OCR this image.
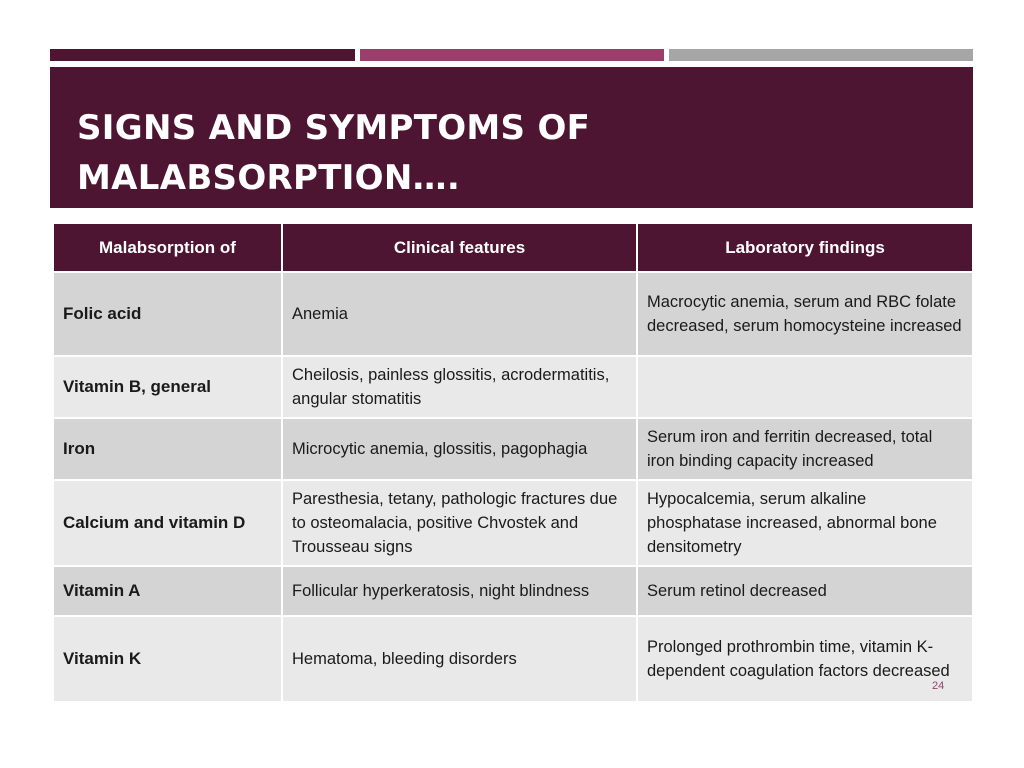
SIGNS AND SYMPTOMS OF
MALABSORPTION….
Malabsorption of	Clinical features	Laboratory findings
Folic acid	Anemia	Macrocytic anemia, serum and RBC folate decreased, serum homocysteine increased
Vitamin B, general	Cheilosis, painless glossitis, acrodermatitis, angular stomatitis	
Iron	Microcytic anemia, glossitis, pagophagia	Serum iron and ferritin decreased, total iron binding capacity increased
Calcium and vitamin D	Paresthesia, tetany, pathologic fractures due to osteomalacia, positive Chvostek and Trousseau signs	Hypocalcemia, serum alkaline phosphatase increased, abnormal bone densitometry
Vitamin A	Follicular hyperkeratosis, night blindness	Serum retinol decreased
Vitamin K	Hematoma, bleeding disorders	Prolonged prothrombin time, vitamin K-dependent coagulation factors decreased
24
